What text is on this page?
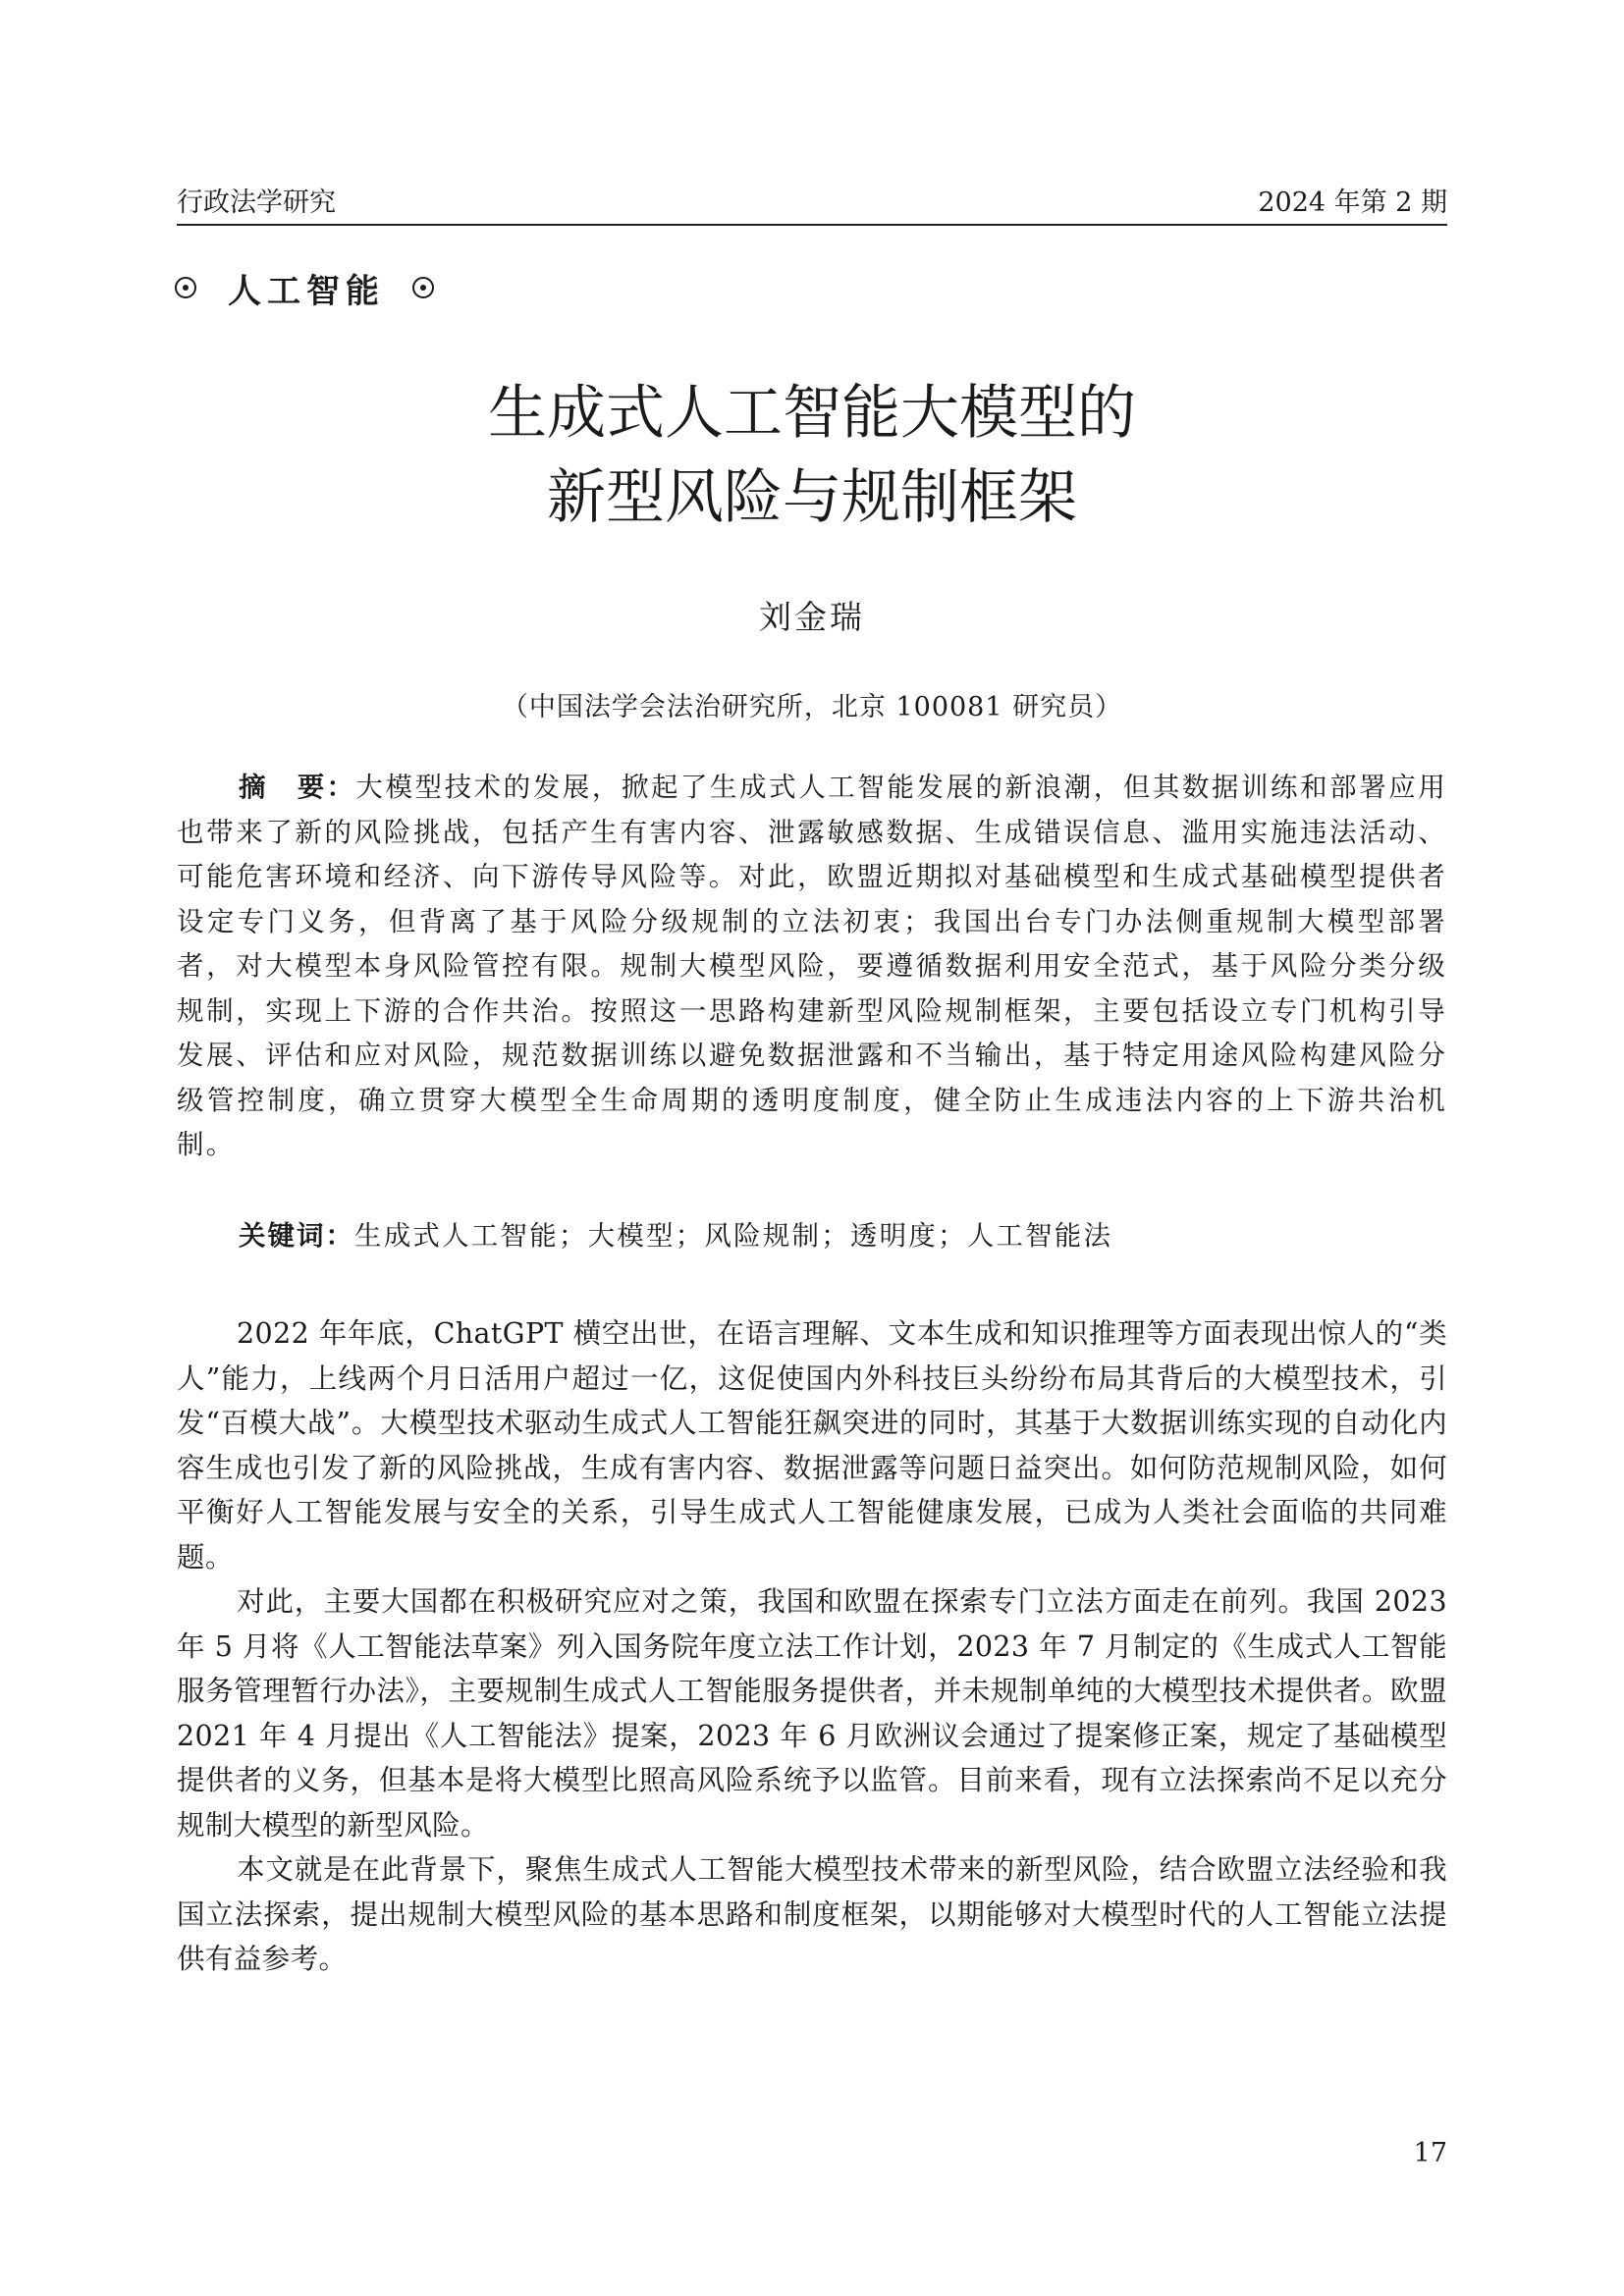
行政法学研究	2024 年第 2 期
人工智能
生成式人工智能大模型的
新型风险与规制框架
刘金瑞
（中国法学会法治研究所，北京 100081 研究员）
摘　要：大模型技术的发展，掀起了生成式人工智能发展的新浪潮，但其数据训练和部署应用也带来了新的风险挑战，包括产生有害内容、泄露敏感数据、生成错误信息、滥用实施违法活动、可能危害环境和经济、向下游传导风险等。对此，欧盟近期拟对基础模型和生成式基础模型提供者设定专门义务，但背离了基于风险分级规制的立法初衷；我国出台专门办法侧重规制大模型部署者，对大模型本身风险管控有限。规制大模型风险，要遵循数据利用安全范式，基于风险分类分级规制，实现上下游的合作共治。按照这一思路构建新型风险规制框架，主要包括设立专门机构引导发展、评估和应对风险，规范数据训练以避免数据泄露和不当输出，基于特定用途风险构建风险分级管控制度，确立贯穿大模型全生命周期的透明度制度，健全防止生成违法内容的上下游共治机制。
关键词：生成式人工智能；大模型；风险规制；透明度；人工智能法

2022 年年底，ChatGPT 横空出世，在语言理解、文本生成和知识推理等方面表现出惊人的“类人”能力，上线两个月日活用户超过一亿，这促使国内外科技巨头纷纷布局其背后的大模型技术，引发“百模大战”。大模型技术驱动生成式人工智能狂飙突进的同时，其基于大数据训练实现的自动化内容生成也引发了新的风险挑战，生成有害内容、数据泄露等问题日益突出。如何防范规制风险，如何平衡好人工智能发展与安全的关系，引导生成式人工智能健康发展，已成为人类社会面临的共同难题。

对此，主要大国都在积极研究应对之策，我国和欧盟在探索专门立法方面走在前列。我国 2023 年 5 月将《人工智能法草案》列入国务院年度立法工作计划，2023 年 7 月制定的《生成式人工智能服务管理暂行办法》，主要规制生成式人工智能服务提供者，并未规制单纯的大模型技术提供者。欧盟 2021 年 4 月提出《人工智能法》提案，2023 年 6 月欧洲议会通过了提案修正案，规定了基础模型提供者的义务，但基本是将大模型比照高风险系统予以监管。目前来看，现有立法探索尚不足以充分规制大模型的新型风险。

本文就是在此背景下，聚焦生成式人工智能大模型技术带来的新型风险，结合欧盟立法经验和我国立法探索，提出规制大模型风险的基本思路和制度框架，以期能够对大模型时代的人工智能立法提供有益参考。

17
